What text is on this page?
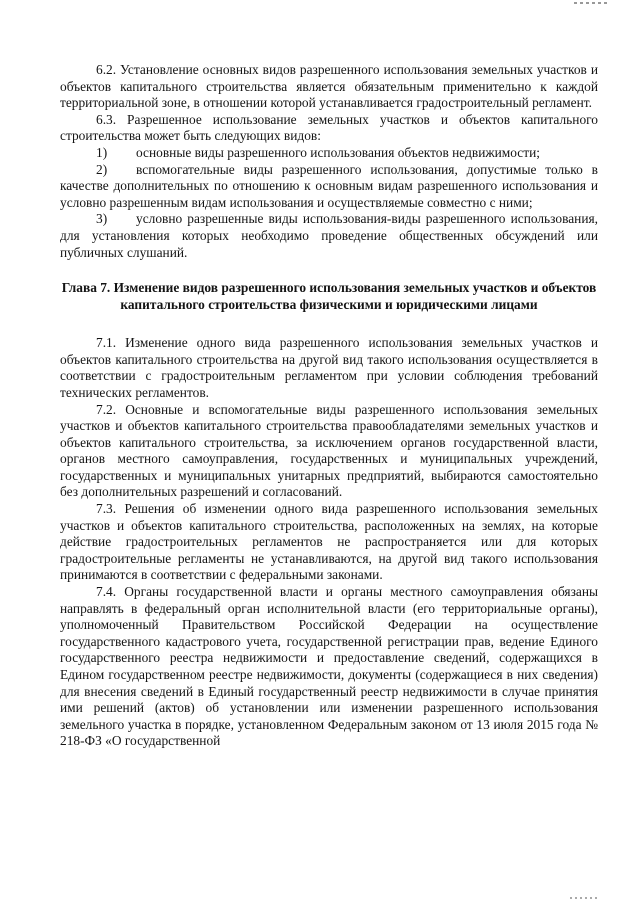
6.2. Установление основных видов разрешенного использования земельных участков и объектов капитального строительства является обязательным применительно к каждой территориальной зоне, в отношении которой устанавливается градостроительный регламент.

6.3. Разрешенное использование земельных участков и объектов капитального строительства может быть следующих видов:

1) основные виды разрешенного использования объектов недвижимости;

2) вспомогательные виды разрешенного использования, допустимые только в качестве дополнительных по отношению к основным видам разрешенного использования и условно разрешенным видам использования и осуществляемые совместно с ними;

3) условно разрешенные виды использования-виды разрешенного использования, для установления которых необходимо проведение общественных обсуждений или публичных слушаний.

Глава 7. Изменение видов разрешенного использования земельных участков и объектов капитального строительства физическими и юридическими лицами

7.1. Изменение одного вида разрешенного использования земельных участков и объектов капитального строительства на другой вид такого использования осуществляется в соответствии с градостроительным регламентом при условии соблюдения требований технических регламентов.

7.2. Основные и вспомогательные виды разрешенного использования земельных участков и объектов капитального строительства правообладателями земельных участков и объектов капитального строительства, за исключением органов государственной власти, органов местного самоуправления, государственных и муниципальных учреждений, государственных и муниципальных унитарных предприятий, выбираются самостоятельно без дополнительных разрешений и согласований.

7.3. Решения об изменении одного вида разрешенного использования земельных участков и объектов капитального строительства, расположенных на землях, на которые действие градостроительных регламентов не распространяется или для которых градостроительные регламенты не устанавливаются, на другой вид такого использования принимаются в соответствии с федеральными законами.

7.4. Органы государственной власти и органы местного самоуправления обязаны направлять в федеральный орган исполнительной власти (его территориальные органы), уполномоченный Правительством Российской Федерации на осуществление государственного кадастрового учета, государственной регистрации прав, ведение Единого государственного реестра недвижимости и предоставление сведений, содержащихся в Едином государственном реестре недвижимости, документы (содержащиеся в них сведения) для внесения сведений в Единый государственный реестр недвижимости в случае принятия ими решений (актов) об установлении или изменении разрешенного использования земельного участка в порядке, установленном Федеральным законом от 13 июля 2015 года № 218-ФЗ «О государственной
